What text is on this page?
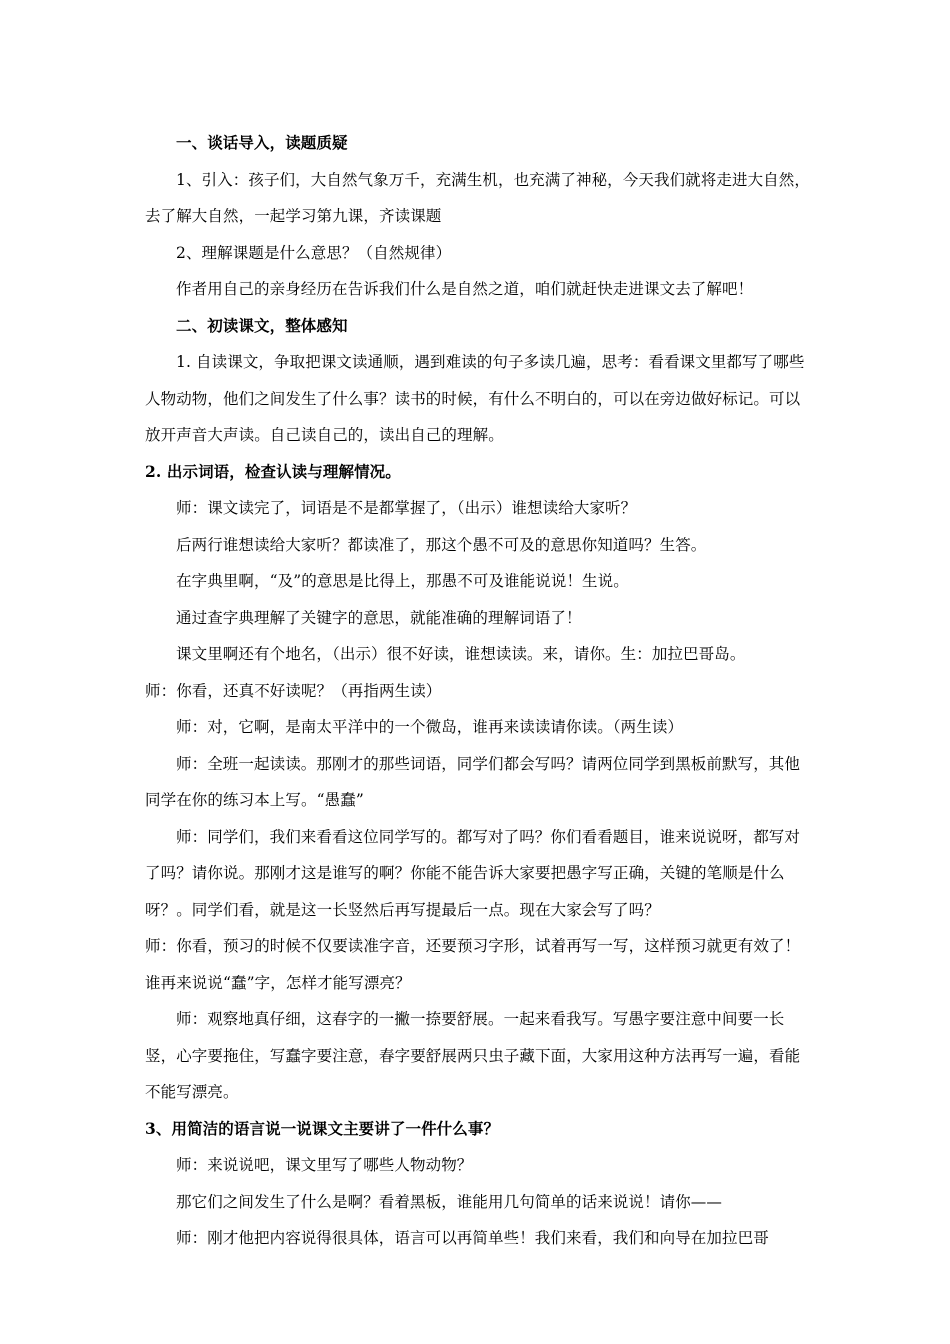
一、谈话导入，读题质疑

1、引入：孩子们，大自然气象万千，充满生机，也充满了神秘，今天我们就将走进大自然，去了解大自然，一起学习第九课，齐读课题

2、理解课题是什么意思？（自然规律）

作者用自己的亲身经历在告诉我们什么是自然之道，咱们就赶快走进课文去了解吧！

二、初读课文，整体感知

1. 自读课文，争取把课文读通顺，遇到难读的句子多读几遍，思考：看看课文里都写了哪些人物动物，他们之间发生了什么事？读书的时候，有什么不明白的，可以在旁边做好标记。可以放开声音大声读。自己读自己的，读出自己的理解。

2. 出示词语，检查认读与理解情况。

师：课文读完了，词语是不是都掌握了，（出示）谁想读给大家听？

后两行谁想读给大家听？都读准了，那这个愚不可及的意思你知道吗？生答。

在字典里啊，“及”的意思是比得上，那愚不可及谁能说说！生说。

通过查字典理解了关键字的意思，就能准确的理解词语了！

课文里啊还有个地名，（出示）很不好读，谁想读读。来，请你。生：加拉巴哥岛。

师：你看，还真不好读呢？（再指两生读）

师：对，它啊，是南太平洋中的一个微岛，谁再来读读请你读。（两生读）

师：全班一起读读。那刚才的那些词语，同学们都会写吗？请两位同学到黑板前默写，其他同学在你的练习本上写。“愚蠢”

师：同学们，我们来看看这位同学写的。都写对了吗？你们看看题目，谁来说说呀，都写对了吗？请你说。那刚才这是谁写的啊？你能不能告诉大家要把愚字写正确，关键的笔顺是什么呀？。同学们看，就是这一长竖然后再写提最后一点。现在大家会写了吗？

师：你看，预习的时候不仅要读准字音，还要预习字形，试着再写一写，这样预习就更有效了！谁再来说说“蠢”字，怎样才能写漂亮？

师：观察地真仔细，这春字的一撇一捺要舒展。一起来看我写。写愚字要注意中间要一长竖，心字要拖住，写蠢字要注意，春字要舒展两只虫子藏下面，大家用这种方法再写一遍，看能不能写漂亮。

3、用简洁的语言说一说课文主要讲了一件什么事？

师：来说说吧，课文里写了哪些人物动物？

那它们之间发生了什么是啊？看着黑板，谁能用几句简单的话来说说！请你——

师：刚才他把内容说得很具体，语言可以再简单些！我们来看，我们和向导在加拉巴哥
